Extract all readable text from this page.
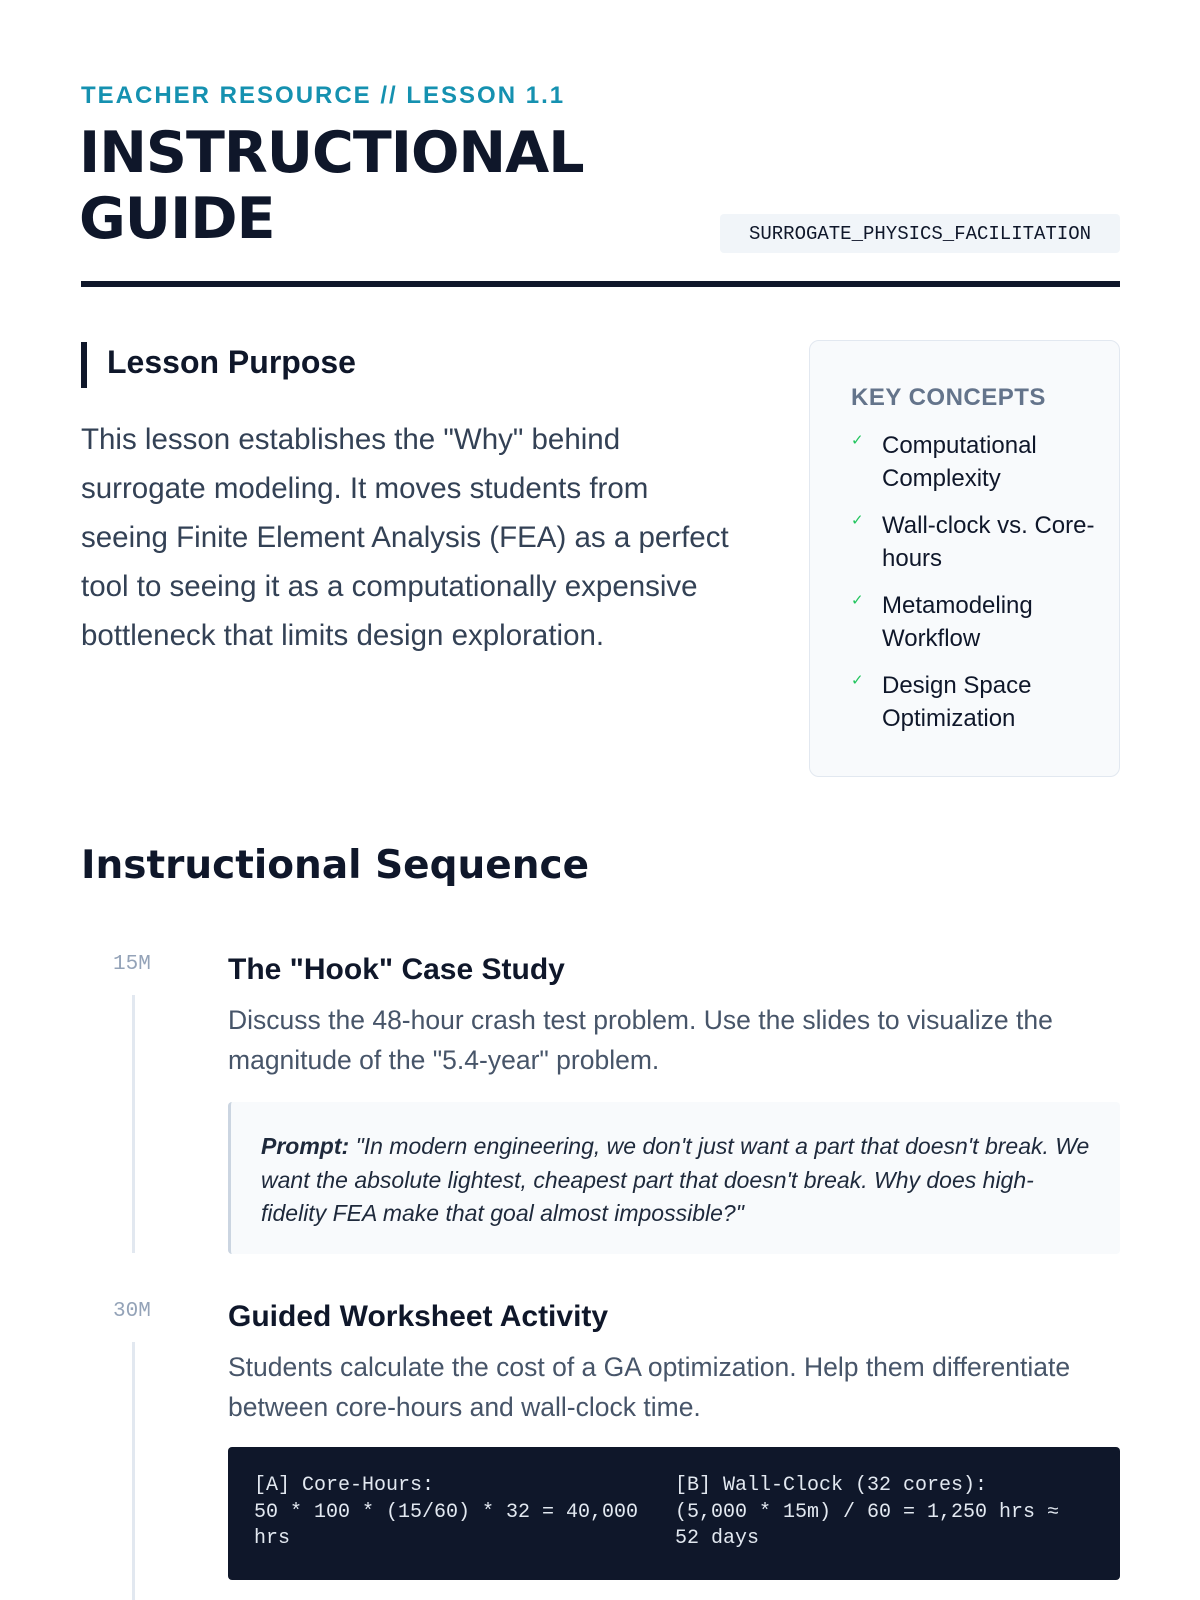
TEACHER RESOURCE // LESSON 1.1
INSTRUCTIONAL
GUIDE	SURROGATE_PHYSICS_FACILITATION
Lesson Purpose

This lesson establishes the "Why" behind surrogate modeling. It moves students from seeing Finite Element Analysis (FEA) as a perfect tool to seeing it as a computationally expensive bottleneck that limits design exploration.

KEY CONCEPTS
✓ Computational Complexity
✓ Wall-clock vs. Core-hours
✓ Metamodeling Workflow
✓ Design Space Optimization
Instructional Sequence
15M	The "Hook" Case Study

Discuss the 48-hour crash test problem. Use the slides to visualize the magnitude of the "5.4-year" problem.

Prompt: "In modern engineering, we don't just want a part that doesn't break. We want the absolute lightest, cheapest part that doesn't break. Why does high-fidelity FEA make that goal almost impossible?"
30M	Guided Worksheet Activity

Students calculate the cost of a GA optimization. Help them differentiate between core-hours and wall-clock time.

[A] Core-Hours:
50 * 100 * (15/60) * 32 = 40,000 hrs
[B] Wall-Clock (32 cores):
(5,000 * 15m) / 60 = 1,250 hrs ≈ 52 days
